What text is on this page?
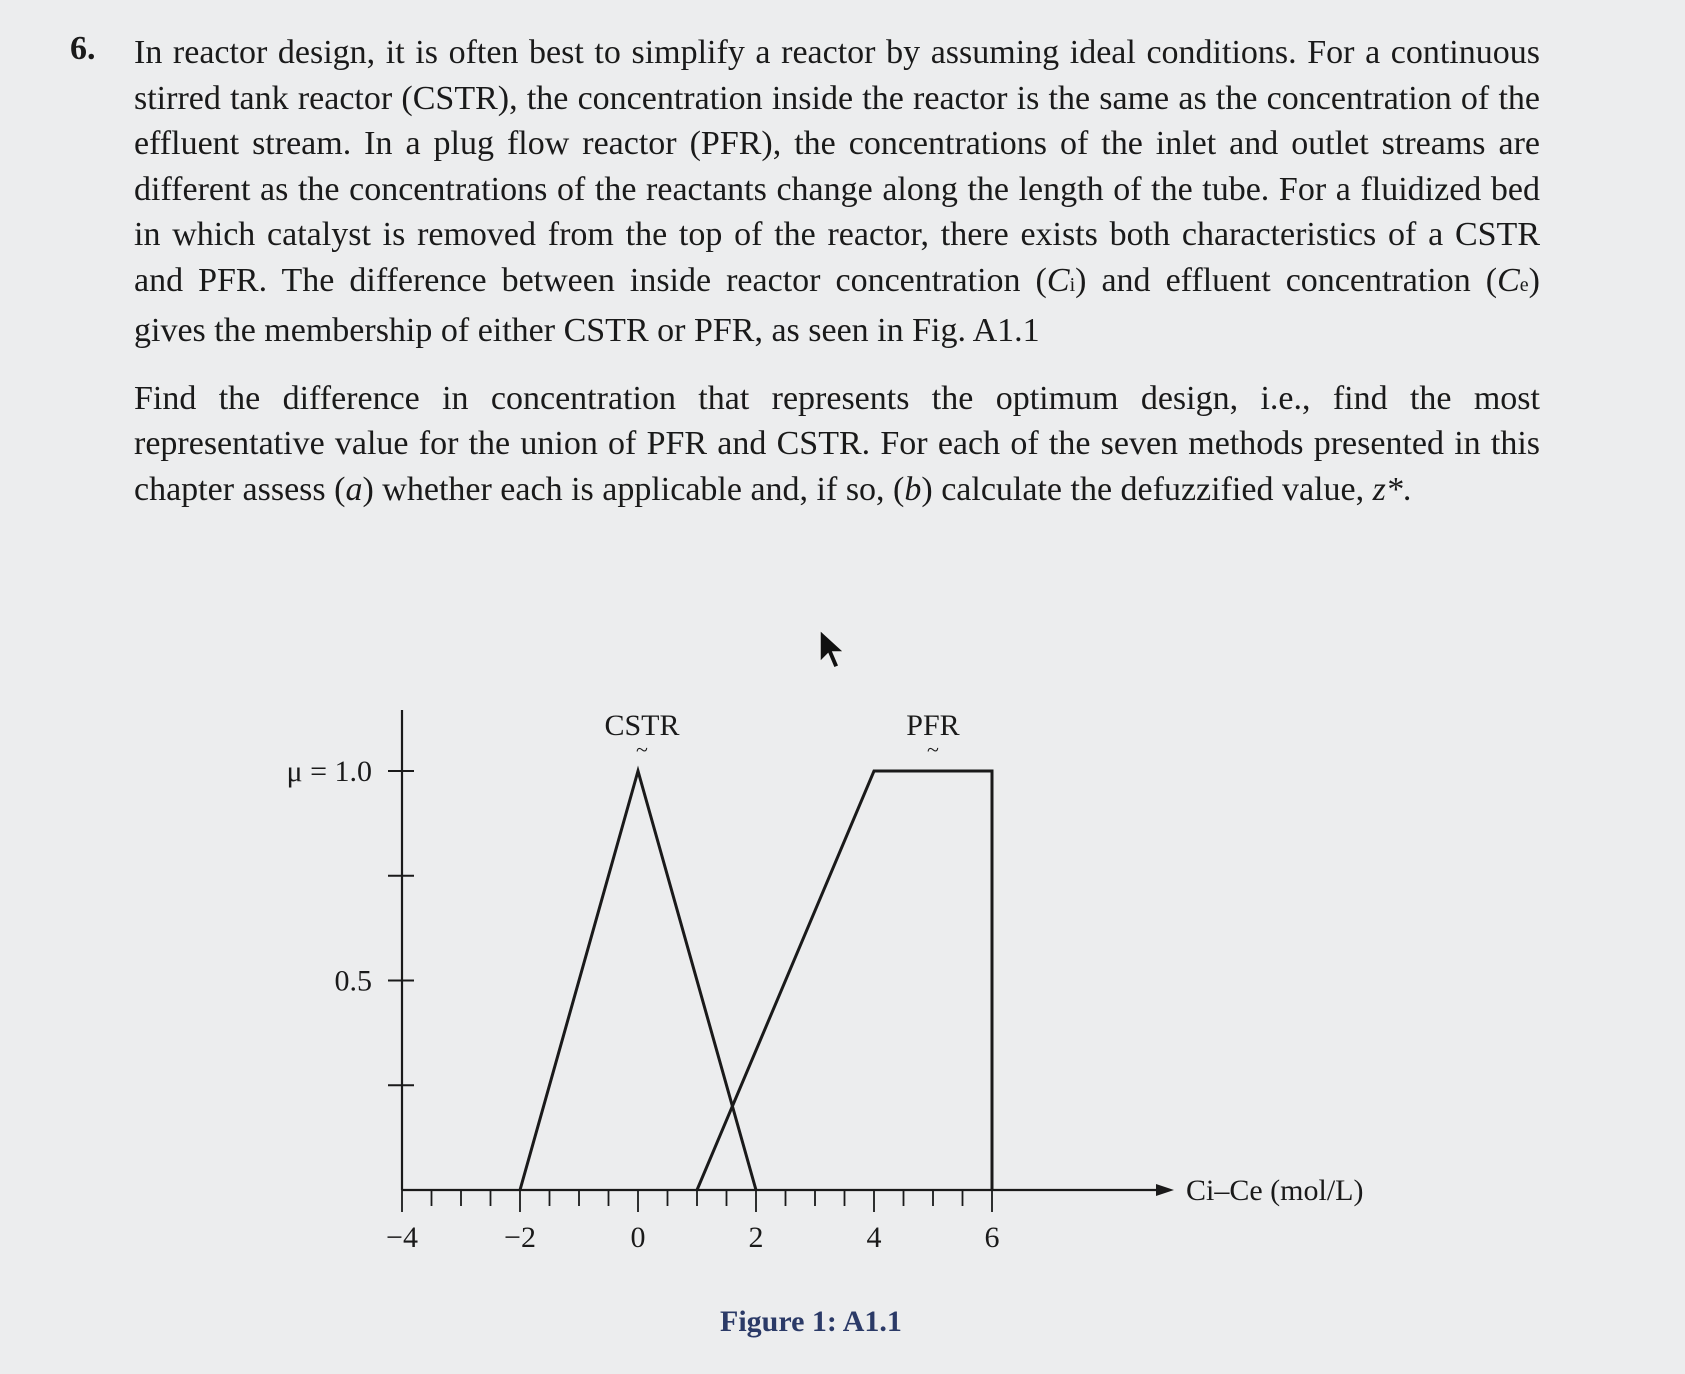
6. In reactor design, it is often best to simplify a reactor by assuming ideal conditions. For a continuous stirred tank reactor (CSTR), the concentration inside the reactor is the same as the concentration of the effluent stream. In a plug flow reactor (PFR), the concentrations of the inlet and outlet streams are different as the concentrations of the reactants change along the length of the tube. For a fluidized bed in which catalyst is removed from the top of the reactor, there exists both characteristics of a CSTR and PFR. The difference between inside reactor concentration (Ci) and effluent concentration (Ce) gives the membership of either CSTR or PFR, as seen in Fig. A1.1

Find the difference in concentration that represents the optimum design, i.e., find the most representative value for the union of PFR and CSTR. For each of the seven methods presented in this chapter assess (a) whether each is applicable and, if so, (b) calculate the defuzzified value, z*.

−4	−2	0	2	4	6
Ci–Ce (mol/L)
μ = 1.0
0.5
CSTR
~
PFR
~
Figure 1: A1.1
